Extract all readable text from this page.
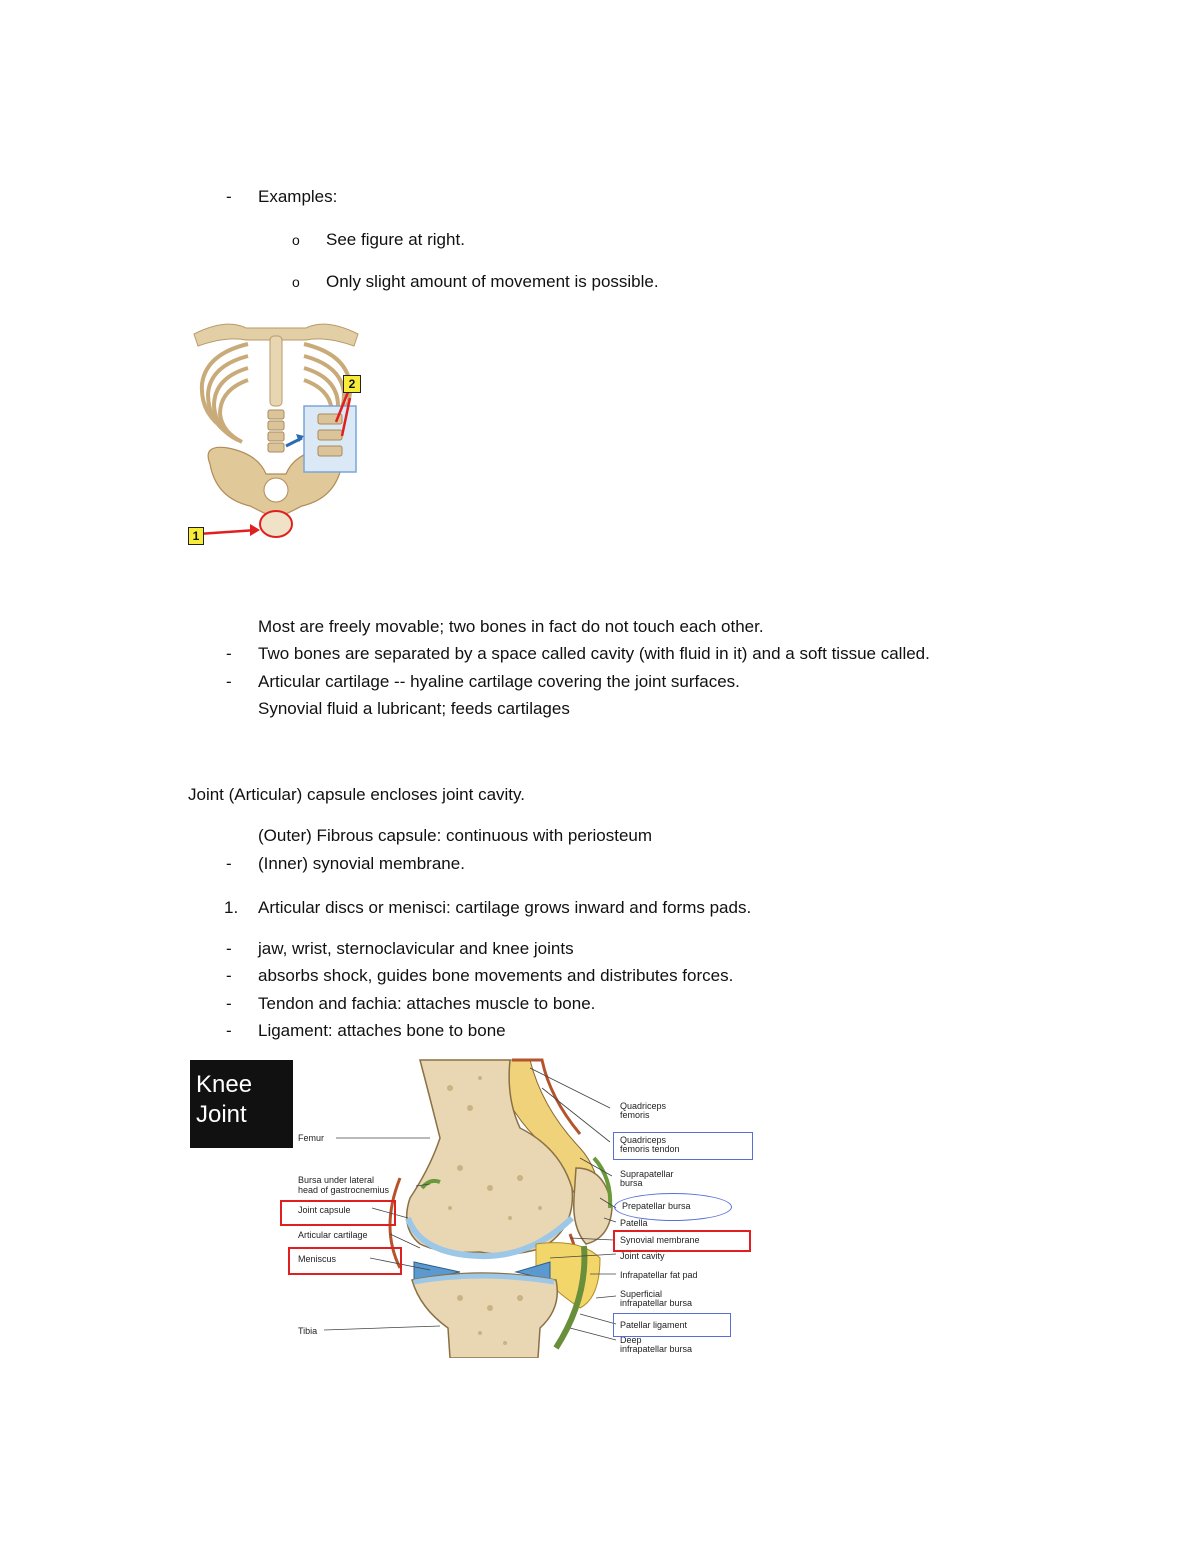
- Examples:
o See figure at right.
o Only slight amount of movement is possible.
2
1
Most are freely movable; two bones in fact do not touch each other.
- Two bones are separated by a space called cavity (with fluid in it) and a soft tissue called.
- Articular cartilage -- hyaline cartilage covering the joint surfaces.
Synovial fluid a lubricant; feeds cartilages
Joint (Articular) capsule encloses joint cavity.
(Outer) Fibrous capsule: continuous with periosteum
- (Inner) synovial membrane.
1. Articular discs or menisci: cartilage grows inward and forms pads.
- jaw, wrist, sternoclavicular and knee joints
- absorbs shock, guides bone movements and distributes forces.
- Tendon and fachia: attaches muscle to bone.
- Ligament: attaches bone to bone
Knee
Joint
Femur
Bursa under lateral
head of gastrocnemius
Joint capsule
Articular cartilage
Meniscus
Tibia
Quadriceps
femoris
Quadriceps
femoris tendon
Suprapatellar
bursa
Prepatellar bursa
Patella
Synovial membrane
Joint cavity
Infrapatellar fat pad
Superficial
infrapatellar bursa
Patellar ligament
Deep
infrapatellar bursa
